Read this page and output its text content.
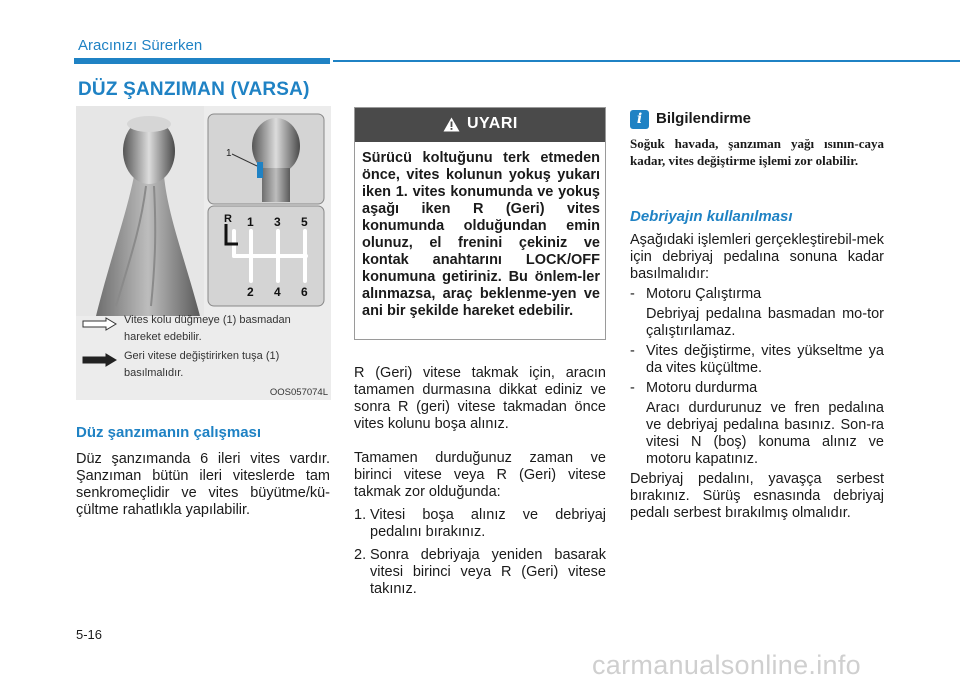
Aracınızı Sürerken
DÜZ ŞANZIMAN (VARSA)
1
R 1 3 5
2 4 6
Vites kolu düğmeye (1) basmadan hareket edebilir.
Geri vitese değiştirirken tuşa (1) basılmalıdır.
OOS057074L
Düz şanzımanın çalışması
Düz şanzımanda 6 ileri vites vardır. Şanzıman bütün ileri viteslerde tam senkromeçlidir ve vites büyütme/kü-çültme rahatlıkla yapılabilir.
UYARI
Sürücü koltuğunu terk etmeden önce, vites kolunun yokuş yukarı iken 1. vites konumunda ve yokuş aşağı iken R (Geri) vites konumunda olduğundan emin olunuz, el frenini çekiniz ve kontak anahtarını LOCK/OFF konumuna getiriniz. Bu önlem-ler alınmazsa, araç beklenme-yen ve ani bir şekilde hareket edebilir.
R (Geri) vitese takmak için, aracın tamamen durmasına dikkat ediniz ve sonra R (geri) vitese takmadan önce vites kolunu boşa alınız.
Tamamen durduğunuz zaman ve birinci vitese veya R (Geri) vitese takmak zor olduğunda:
1. Vitesi boşa alınız ve debriyaj pedalını bırakınız.
2. Sonra debriyaja yeniden basarak vitesi birinci veya R (Geri) vitese takınız.
i Bilgilendirme
Soğuk havada, şanzıman yağı ısının-caya kadar, vites değiştirme işlemi zor olabilir.
Debriyajın kullanılması
Aşağıdaki işlemleri gerçekleştirebil-mek için debriyaj pedalına sonuna kadar basılmalıdır:
- Motoru Çalıştırma
Debriyaj pedalına basmadan mo-tor çalıştırılamaz.
- Vites değiştirme, vites yükseltme ya da vites küçültme.
- Motoru durdurma
Aracı durdurunuz ve fren pedalına ve debriyaj pedalına basınız. Son-ra vitesi N (boş) konuma alınız ve motoru kapatınız.
Debriyaj pedalını, yavaşça serbest bırakınız. Sürüş esnasında debriyaj pedalı serbest bırakılmış olmalıdır.
5-16
carmanualsonline.info
